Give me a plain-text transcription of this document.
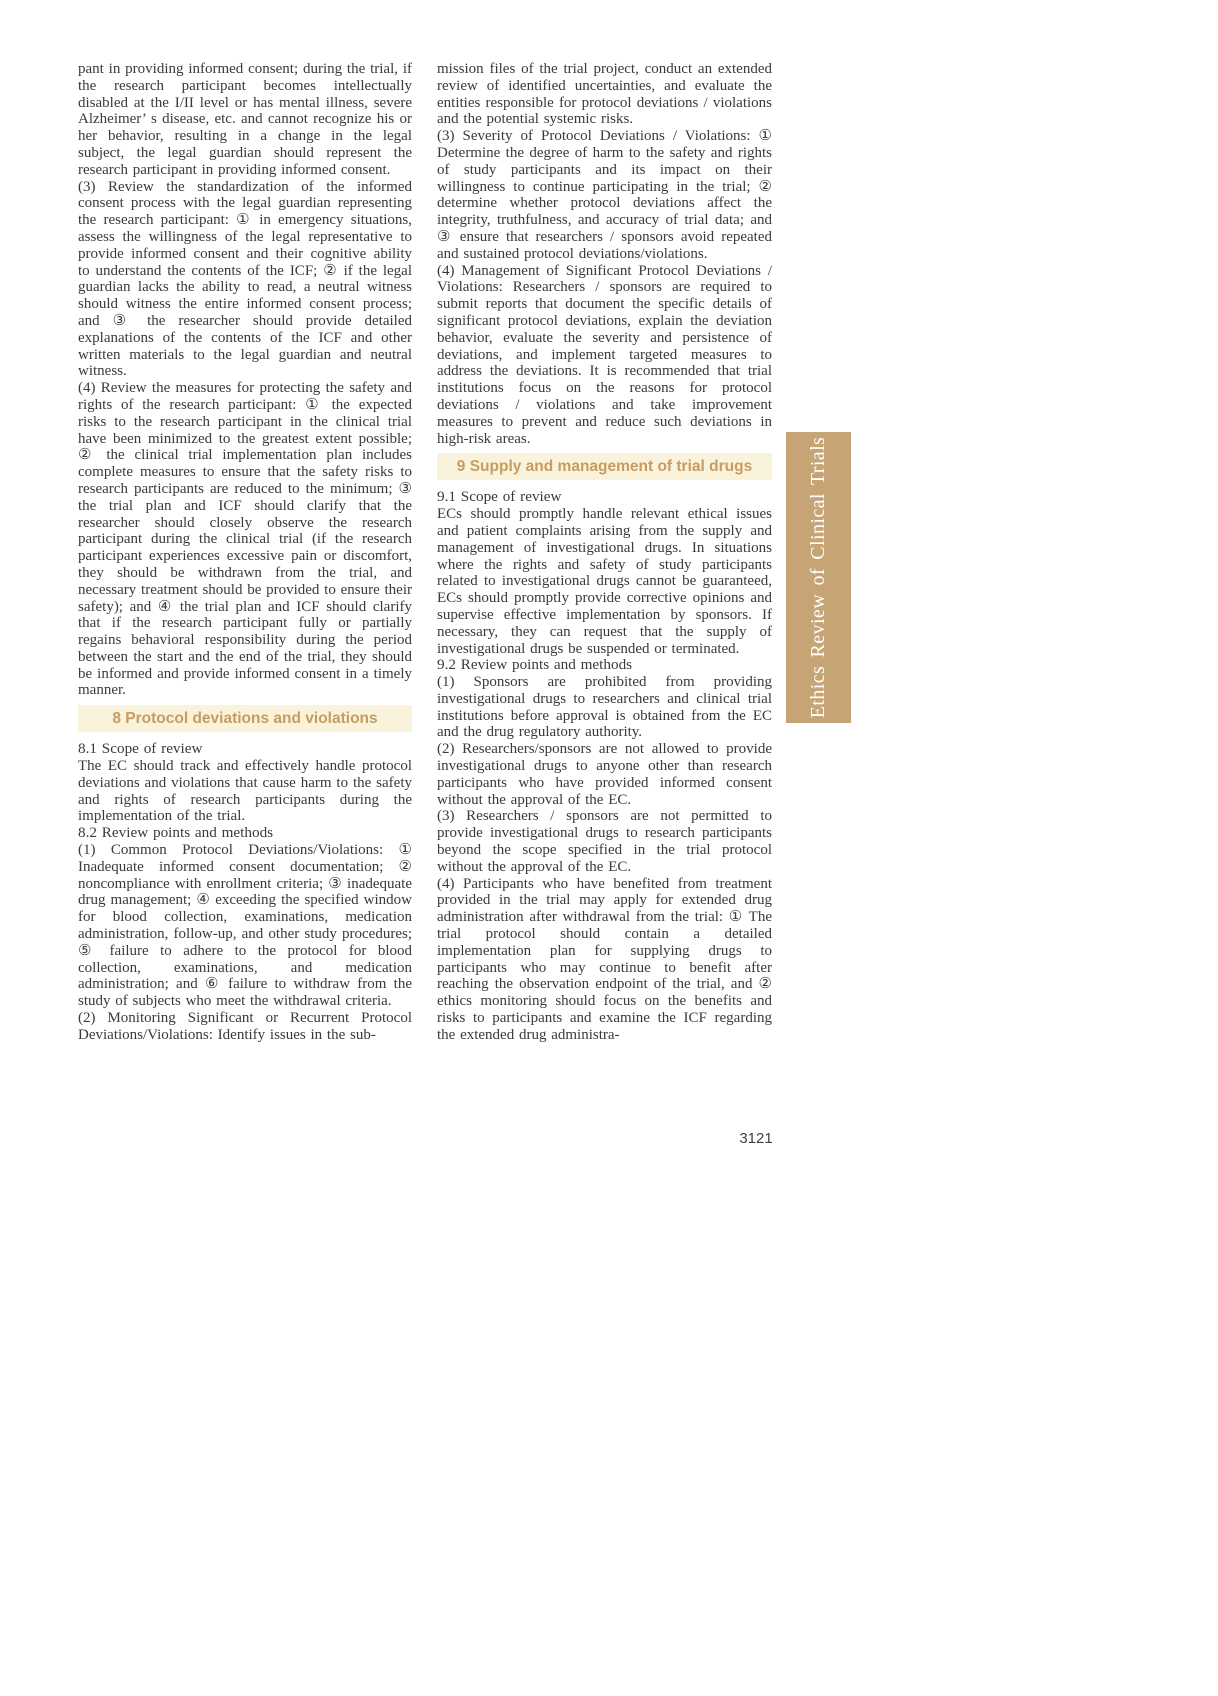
pant in providing informed consent; during the trial, if the research participant becomes intellectually disabled at the I/II level or has mental illness, severe Alzheimer’ s disease, etc. and cannot recognize his or her behavior, resulting in a change in the legal subject, the legal guardian should represent the research participant in providing informed consent.

(3) Review the standardization of the informed consent process with the legal guardian representing the research participant: ① in emergency situations, assess the willingness of the legal representative to provide informed consent and their cognitive ability to understand the contents of the ICF; ② if the legal guardian lacks the ability to read, a neutral witness should witness the entire informed consent process; and ③ the researcher should provide detailed explanations of the contents of the ICF and other written materials to the legal guardian and neutral witness.

(4) Review the measures for protecting the safety and rights of the research participant: ① the expected risks to the research participant in the clinical trial have been minimized to the greatest extent possible; ② the clinical trial implementation plan includes complete measures to ensure that the safety risks to research participants are reduced to the minimum; ③ the trial plan and ICF should clarify that the researcher should closely observe the research participant during the clinical trial (if the research participant experiences excessive pain or discomfort, they should be withdrawn from the trial, and necessary treatment should be provided to ensure their safety); and ④ the trial plan and ICF should clarify that if the research participant fully or partially regains behavioral responsibility during the period between the start and the end of the trial, they should be informed and provide informed consent in a timely manner.

8 Protocol deviations and violations

8.1 Scope of review

The EC should track and effectively handle protocol deviations and violations that cause harm to the safety and rights of research participants during the implementation of the trial.

8.2 Review points and methods

(1) Common Protocol Deviations/Violations: ① Inadequate informed consent documentation; ② noncompliance with enrollment criteria; ③ inadequate drug management; ④ exceeding the specified window for blood collection, examinations, medication administration, follow-up, and other study procedures; ⑤ failure to adhere to the protocol for blood collection, examinations, and medication administration; and ⑥ failure to withdraw from the study of subjects who meet the withdrawal criteria.

(2) Monitoring Significant or Recurrent Protocol Deviations/Violations: Identify issues in the sub-

mission files of the trial project, conduct an extended review of identified uncertainties, and evaluate the entities responsible for protocol deviations / violations and the potential systemic risks.

(3) Severity of Protocol Deviations / Violations: ① Determine the degree of harm to the safety and rights of study participants and its impact on their willingness to continue participating in the trial; ② determine whether protocol deviations affect the integrity, truthfulness, and accuracy of trial data; and ③ ensure that researchers / sponsors avoid repeated and sustained protocol deviations/violations.

(4) Management of Significant Protocol Deviations / Violations: Researchers / sponsors are required to submit reports that document the specific details of significant protocol deviations, explain the deviation behavior, evaluate the severity and persistence of deviations, and implement targeted measures to address the deviations. It is recommended that trial institutions focus on the reasons for protocol deviations / violations and take improvement measures to prevent and reduce such deviations in high-risk areas.

9 Supply and management of trial drugs

9.1 Scope of review

ECs should promptly handle relevant ethical issues and patient complaints arising from the supply and management of investigational drugs. In situations where the rights and safety of study participants related to investigational drugs cannot be guaranteed, ECs should promptly provide corrective opinions and supervise effective implementation by sponsors. If necessary, they can request that the supply of investigational drugs be suspended or terminated.

9.2 Review points and methods

(1) Sponsors are prohibited from providing investigational drugs to researchers and clinical trial institutions before approval is obtained from the EC and the drug regulatory authority.

(2) Researchers/sponsors are not allowed to provide investigational drugs to anyone other than research participants who have provided informed consent without the approval of the EC.

(3) Researchers / sponsors are not permitted to provide investigational drugs to research participants beyond the scope specified in the trial protocol without the approval of the EC.

(4) Participants who have benefited from treatment provided in the trial may apply for extended drug administration after withdrawal from the trial: ① The trial protocol should contain a detailed implementation plan for supplying drugs to participants who may continue to benefit after reaching the observation endpoint of the trial, and ② ethics monitoring should focus on the benefits and risks to participants and examine the ICF regarding the extended drug administra-

Ethics Review of Clinical Trials
3121
